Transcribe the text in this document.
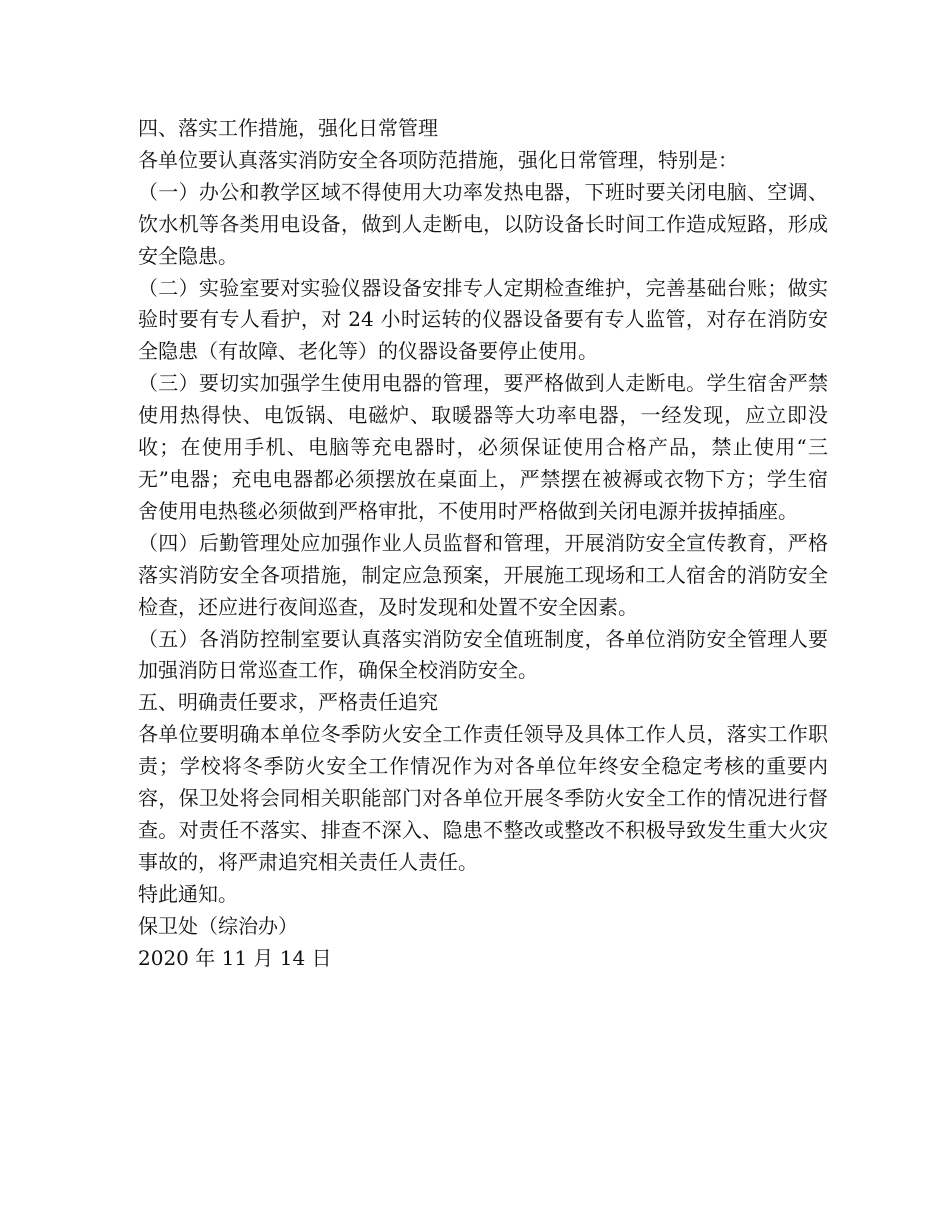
四、落实工作措施，强化日常管理

各单位要认真落实消防安全各项防范措施，强化日常管理，特别是：

（一）办公和教学区域不得使用大功率发热电器，下班时要关闭电脑、空调、饮水机等各类用电设备，做到人走断电，以防设备长时间工作造成短路，形成安全隐患。

（二）实验室要对实验仪器设备安排专人定期检查维护，完善基础台账；做实验时要有专人看护，对 24 小时运转的仪器设备要有专人监管，对存在消防安全隐患（有故障、老化等）的仪器设备要停止使用。

（三）要切实加强学生使用电器的管理，要严格做到人走断电。学生宿舍严禁使用热得快、电饭锅、电磁炉、取暖器等大功率电器，一经发现，应立即没收；在使用手机、电脑等充电器时，必须保证使用合格产品，禁止使用“三无”电器；充电电器都必须摆放在桌面上，严禁摆在被褥或衣物下方；学生宿舍使用电热毯必须做到严格审批，不使用时严格做到关闭电源并拔掉插座。

（四）后勤管理处应加强作业人员监督和管理，开展消防安全宣传教育，严格落实消防安全各项措施，制定应急预案，开展施工现场和工人宿舍的消防安全检查，还应进行夜间巡查，及时发现和处置不安全因素。

（五）各消防控制室要认真落实消防安全值班制度，各单位消防安全管理人要加强消防日常巡查工作，确保全校消防安全。

五、明确责任要求，严格责任追究

各单位要明确本单位冬季防火安全工作责任领导及具体工作人员，落实工作职责；学校将冬季防火安全工作情况作为对各单位年终安全稳定考核的重要内容，保卫处将会同相关职能部门对各单位开展冬季防火安全工作的情况进行督查。对责任不落实、排查不深入、隐患不整改或整改不积极导致发生重大火灾事故的，将严肃追究相关责任人责任。

特此通知。

保卫处（综治办）

2020 年 11 月 14 日
